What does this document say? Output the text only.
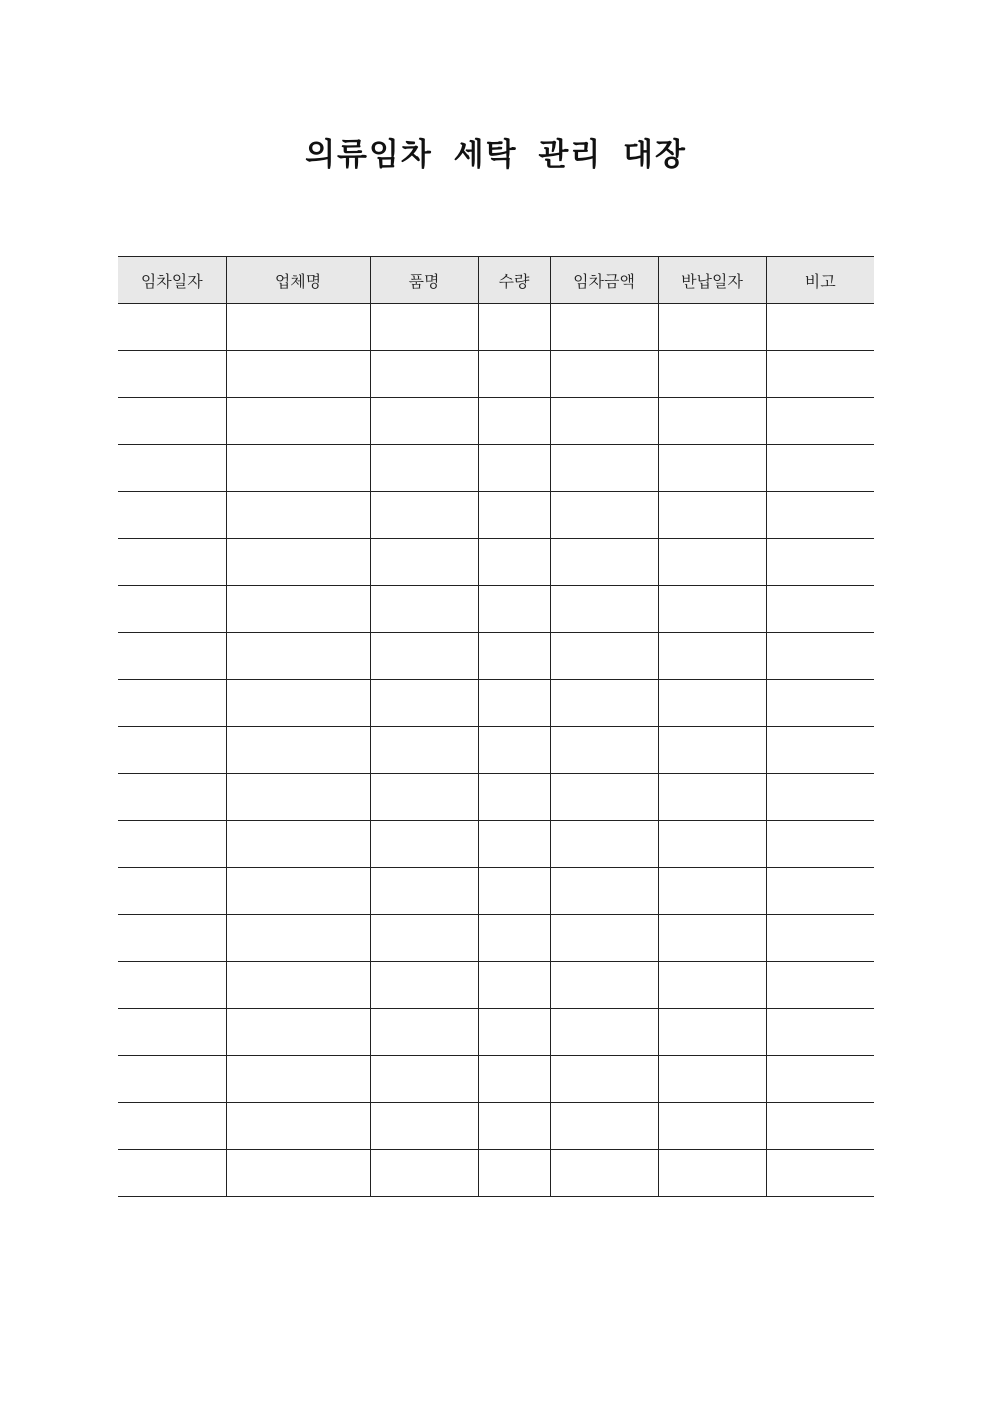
의류임차 세탁 관리 대장
임차일자	업체명	품명	수량	임차금액	반납일자	비고
